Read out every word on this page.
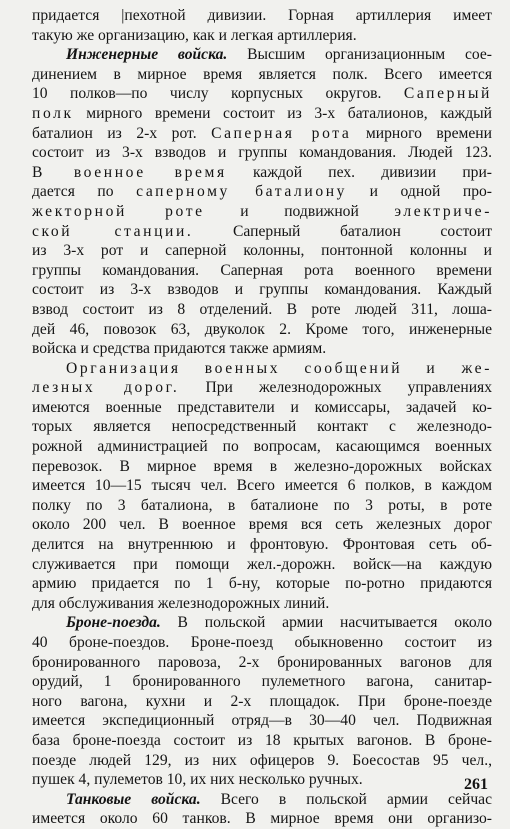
придается |пехотной дивизии. Горная артиллерия имеет
такую же организацию, как и легкая артиллерия.
Инженерные войска. Высшим организационным сое-
динением в мирное время является полк. Всего имеется
10 полков—по числу корпусных округов. Саперный
полк мирного времени состоит из 3-х баталионов, каждый
баталион из 2-х рот. Саперная рота мирного времени
состоит из 3-х взводов и группы командования. Людей 123.
В военное время каждой пех. дивизии при-
дается по саперному баталиону и одной про-
жекторной роте и подвижной электриче-
ской станции. Саперный баталион состоит
из 3-х рот и саперной колонны, понтонной колонны и
группы командования. Саперная рота военного времени
состоит из 3-х взводов и группы командования. Каждый
взвод состоит из 8 отделений. В роте людей 311, лоша-
дей 46, повозок 63, двуколок 2. Кроме того, инженерные
войска и средства придаются также армиям.
Организация военных сообщений и же-
лезных дорог. При железнодорожных управлениях
имеются военные представители и комиссары, задачей ко-
торых является непосредственный контакт с железнодо-
рожной администрацией по вопросам, касающимся военных
перевозок. В мирное время в железно-дорожных войсках
имеется 10—15 тысяч чел. Всего имеется 6 полков, в каждом
полку по 3 баталиона, в баталионе по 3 роты, в роте
около 200 чел. В военное время вся сеть железных дорог
делится на внутреннюю и фронтовую. Фронтовая сеть об-
служивается при помощи жел.-дорожн. войск—на каждую
армию придается по 1 б-ну, которые по-ротно придаются
для обслуживания железнодорожных линий.
Броне-поезда. В польской армии насчитывается около
40 броне-поездов. Броне-поезд обыкновенно состоит из
бронированного паровоза, 2-х бронированных вагонов для
орудий, 1 бронированного пулеметного вагона, санитар-
ного вагона, кухни и 2-х площадок. При броне-поезде
имеется экспедиционный отряд—в 30—40 чел. Подвижная
база броне-поезда состоит из 18 крытых вагонов. В броне-
поезде людей 129, из них офицеров 9. Боесостав 95 чел.,
пушек 4, пулеметов 10, их них несколько ручных.
Танковые войска. Всего в польской армии сейчас
имеется около 60 танков. В мирное время они организо-
261
